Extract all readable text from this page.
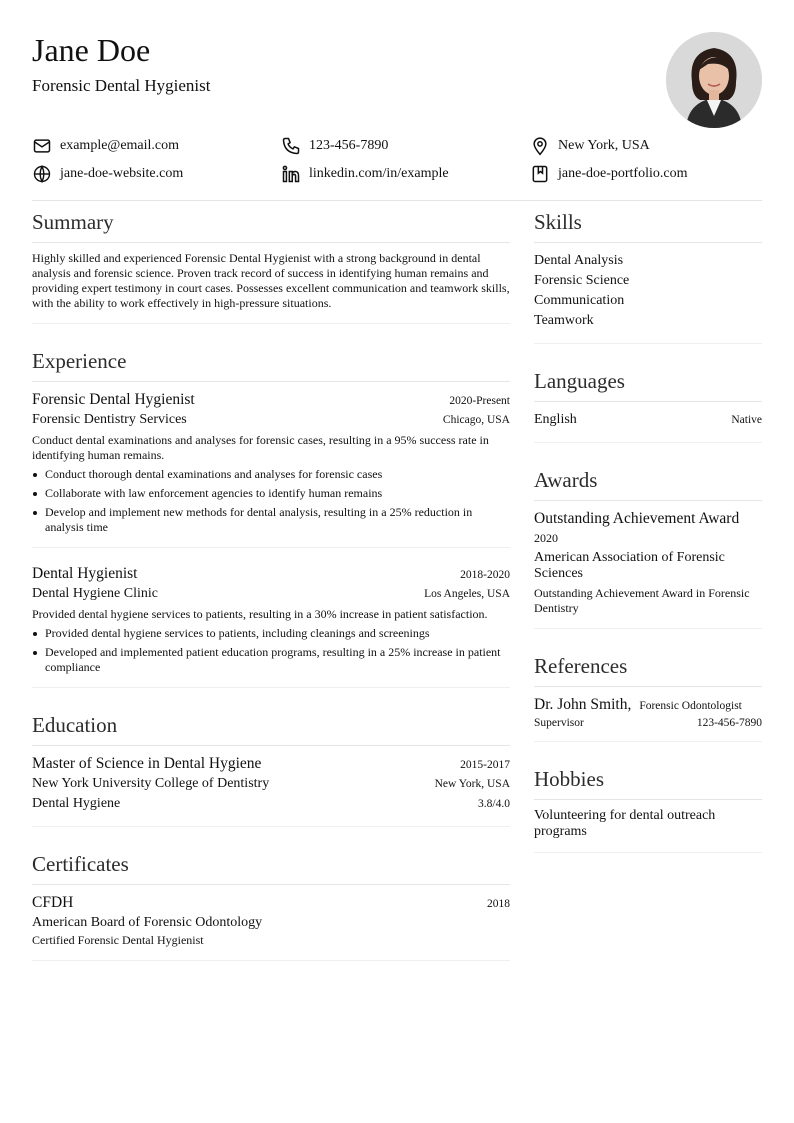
Jane Doe
Forensic Dental Hygienist
example@email.com	123-456-7890	New York, USA
jane-doe-website.com	linkedin.com/in/example	jane-doe-portfolio.com
Summary
Highly skilled and experienced Forensic Dental Hygienist with a strong background in dental analysis and forensic science. Proven track record of success in identifying human remains and providing expert testimony in court cases. Possesses excellent communication and teamwork skills, with the ability to work effectively in high-pressure situations.
Experience
Forensic Dental Hygienist	2020-Present
Forensic Dentistry Services	Chicago, USA
Conduct dental examinations and analyses for forensic cases, resulting in a 95% success rate in identifying human remains.
Conduct thorough dental examinations and analyses for forensic cases
Collaborate with law enforcement agencies to identify human remains
Develop and implement new methods for dental analysis, resulting in a 25% reduction in analysis time
Dental Hygienist	2018-2020
Dental Hygiene Clinic	Los Angeles, USA
Provided dental hygiene services to patients, resulting in a 30% increase in patient satisfaction.
Provided dental hygiene services to patients, including cleanings and screenings
Developed and implemented patient education programs, resulting in a 25% increase in patient compliance
Education
Master of Science in Dental Hygiene	2015-2017
New York University College of Dentistry	New York, USA
Dental Hygiene	3.8/4.0
Certificates
CFDH	2018
American Board of Forensic Odontology
Certified Forensic Dental Hygienist
Skills
Dental Analysis
Forensic Science
Communication
Teamwork
Languages
English	Native
Awards
Outstanding Achievement Award
2020
American Association of Forensic Sciences
Outstanding Achievement Award in Forensic Dentistry
References
Dr. John Smith, Forensic Odontologist
Supervisor	123-456-7890
Hobbies
Volunteering for dental outreach programs
